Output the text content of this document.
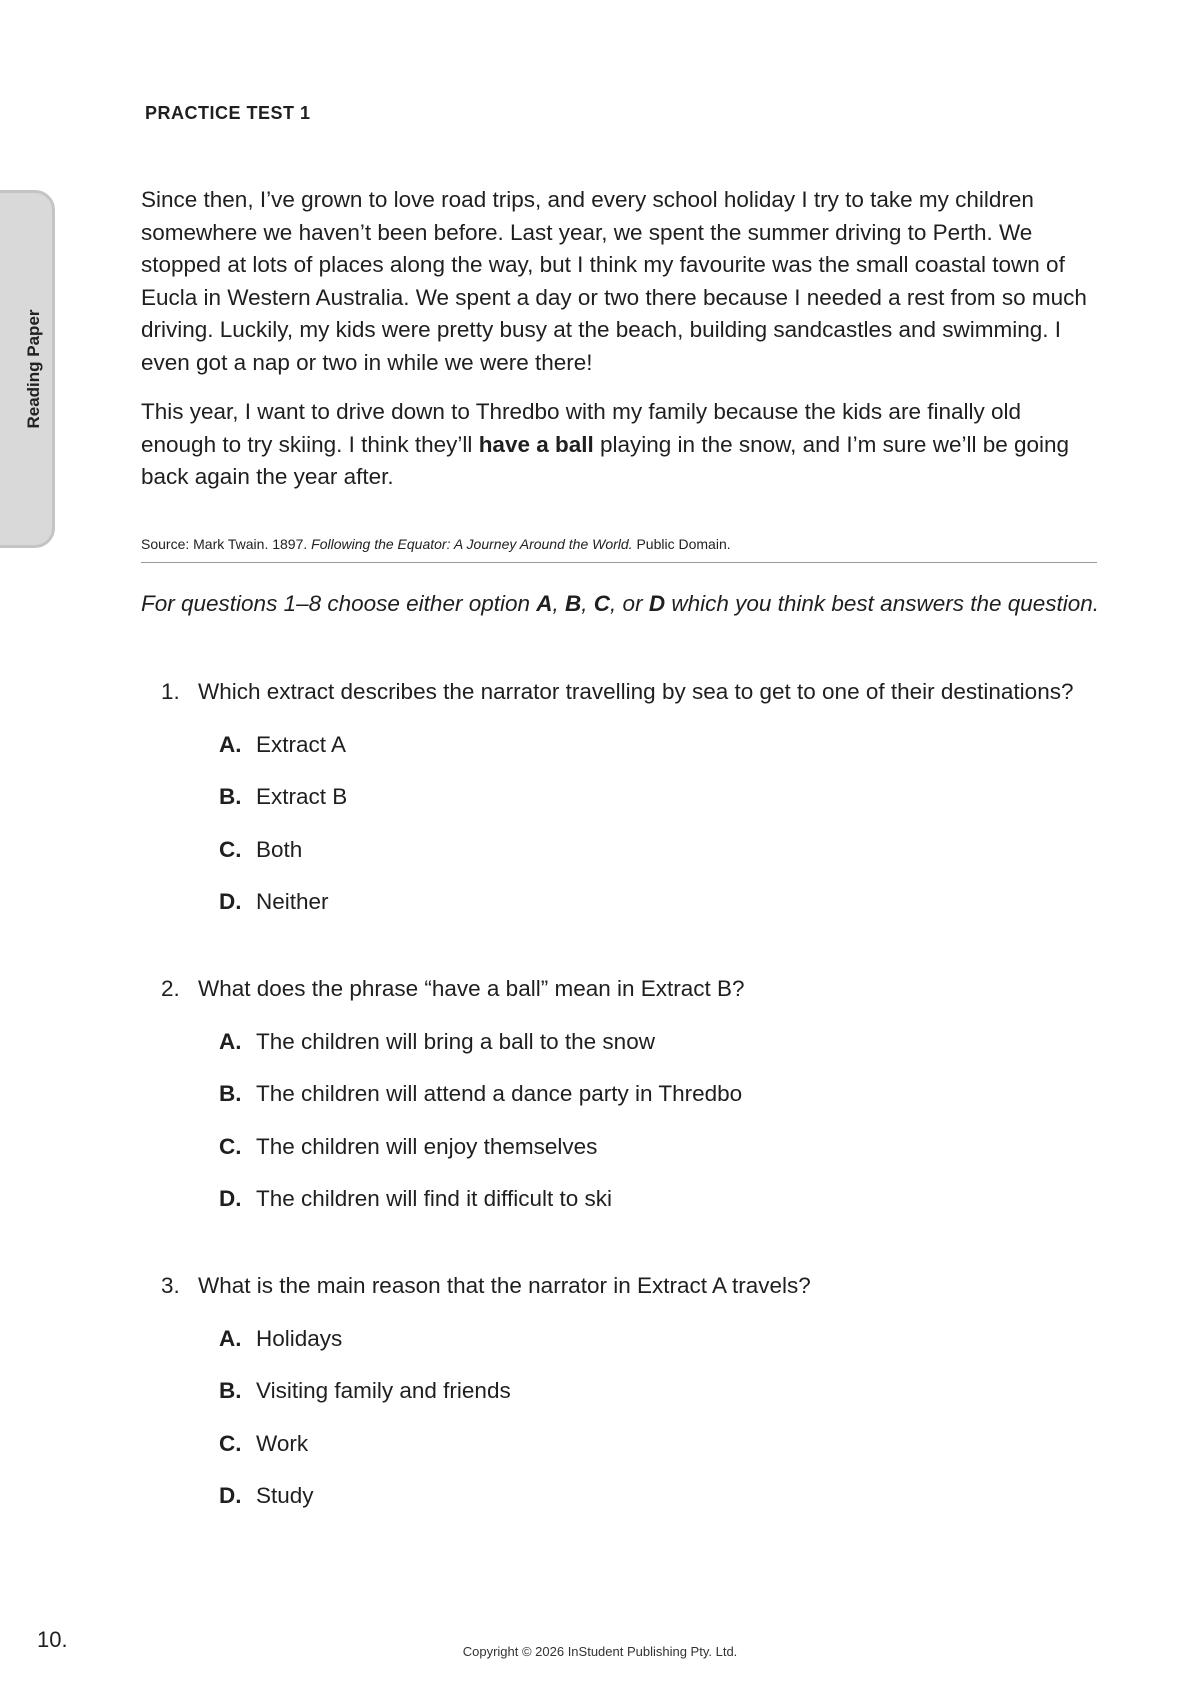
PRACTICE TEST 1
Reading Paper

Since then, I’ve grown to love road trips, and every school holiday I try to take my children somewhere we haven’t been before. Last year, we spent the summer driving to Perth. We stopped at lots of places along the way, but I think my favourite was the small coastal town of Eucla in Western Australia. We spent a day or two there because I needed a rest from so much driving. Luckily, my kids were pretty busy at the beach, building sandcastles and swimming. I even got a nap or two in while we were there!

This year, I want to drive down to Thredbo with my family because the kids are finally old enough to try skiing. I think they’ll have a ball playing in the snow, and I’m sure we’ll be going back again the year after.

Source: Mark Twain. 1897. Following the Equator: A Journey Around the World. Public Domain.
For questions 1–8 choose either option A, B, C, or D which you think best answers the question.
1. Which extract describes the narrator travelling by sea to get to one of their destinations?
A. Extract A
B. Extract B
C. Both
D. Neither
2. What does the phrase “have a ball” mean in Extract B?
A. The children will bring a ball to the snow
B. The children will attend a dance party in Thredbo
C. The children will enjoy themselves
D. The children will find it difficult to ski
3. What is the main reason that the narrator in Extract A travels?
A. Holidays
B. Visiting family and friends
C. Work
D. Study
10.	Copyright © 2026 InStudent Publishing Pty. Ltd.
